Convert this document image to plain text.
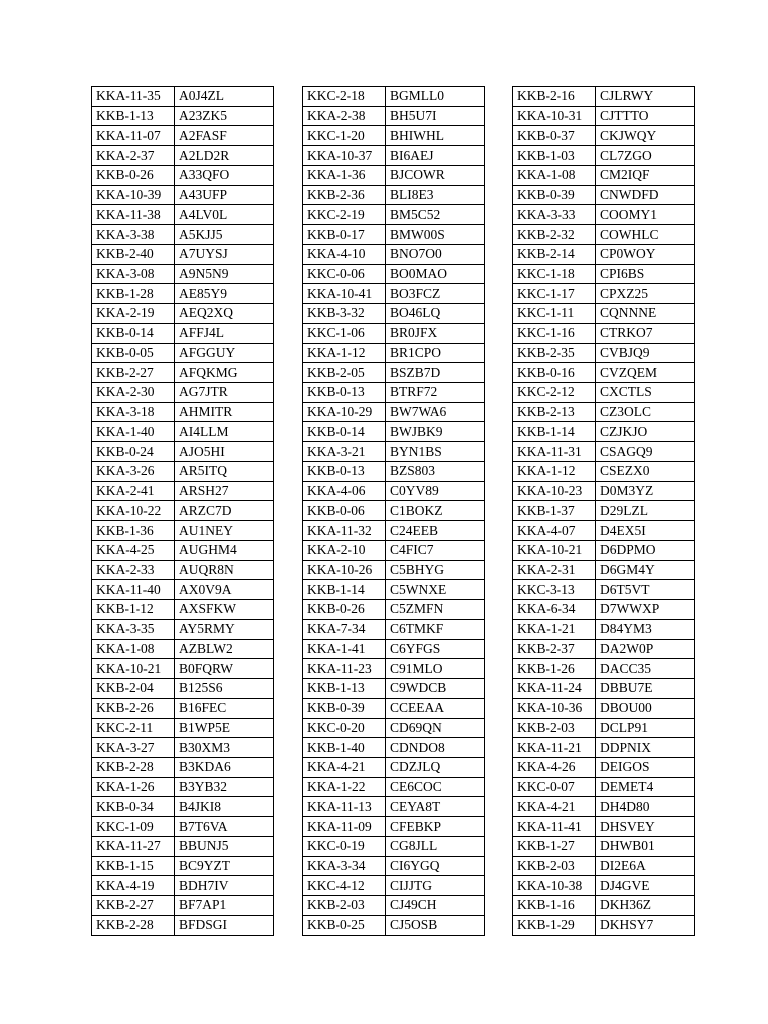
KKA-11-35	A0J4ZL
KKB-1-13	A23ZK5
KKA-11-07	A2FASF
KKA-2-37	A2LD2R
KKB-0-26	A33QFO
KKA-10-39	A43UFP
KKA-11-38	A4LV0L
KKA-3-38	A5KJJ5
KKB-2-40	A7UYSJ
KKA-3-08	A9N5N9
KKB-1-28	AE85Y9
KKA-2-19	AEQ2XQ
KKB-0-14	AFFJ4L
KKB-0-05	AFGGUY
KKB-2-27	AFQKMG
KKA-2-30	AG7JTR
KKA-3-18	AHMITR
KKA-1-40	AI4LLM
KKB-0-24	AJO5HI
KKA-3-26	AR5ITQ
KKA-2-41	ARSH27
KKA-10-22	ARZC7D
KKB-1-36	AU1NEY
KKA-4-25	AUGHM4
KKA-2-33	AUQR8N
KKA-11-40	AX0V9A
KKB-1-12	AXSFKW
KKA-3-35	AY5RMY
KKA-1-08	AZBLW2
KKA-10-21	B0FQRW
KKB-2-04	B125S6
KKB-2-26	B16FEC
KKC-2-11	B1WP5E
KKA-3-27	B30XM3
KKB-2-28	B3KDA6
KKA-1-26	B3YB32
KKB-0-34	B4JKI8
KKC-1-09	B7T6VA
KKA-11-27	BBUNJ5
KKB-1-15	BC9YZT
KKA-4-19	BDH7IV
KKB-2-27	BF7AP1
KKB-2-28	BFDSGI
KKC-2-18	BGMLL0
KKA-2-38	BH5U7I
KKC-1-20	BHIWHL
KKA-10-37	BI6AEJ
KKA-1-36	BJCOWR
KKB-2-36	BLI8E3
KKC-2-19	BM5C52
KKB-0-17	BMW00S
KKA-4-10	BNO7O0
KKC-0-06	BO0MAO
KKA-10-41	BO3FCZ
KKB-3-32	BO46LQ
KKC-1-06	BR0JFX
KKA-1-12	BR1CPO
KKB-2-05	BSZB7D
KKB-0-13	BTRF72
KKA-10-29	BW7WA6
KKB-0-14	BWJBK9
KKA-3-21	BYN1BS
KKB-0-13	BZS803
KKA-4-06	C0YV89
KKB-0-06	C1BOKZ
KKA-11-32	C24EEB
KKA-2-10	C4FIC7
KKA-10-26	C5BHYG
KKB-1-14	C5WNXE
KKB-0-26	C5ZMFN
KKA-7-34	C6TMKF
KKA-1-41	C6YFGS
KKA-11-23	C91MLO
KKB-1-13	C9WDCB
KKB-0-39	CCEEAA
KKC-0-20	CD69QN
KKB-1-40	CDNDO8
KKA-4-21	CDZJLQ
KKA-1-22	CE6COC
KKA-11-13	CEYA8T
KKA-11-09	CFEBKP
KKC-0-19	CG8JLL
KKA-3-34	CI6YGQ
KKC-4-12	CIJJTG
KKB-2-03	CJ49CH
KKB-0-25	CJ5OSB
KKB-2-16	CJLRWY
KKA-10-31	CJTTTO
KKB-0-37	CKJWQY
KKB-1-03	CL7ZGO
KKA-1-08	CM2IQF
KKB-0-39	CNWDFD
KKA-3-33	COOMY1
KKB-2-32	COWHLC
KKB-2-14	CP0WOY
KKC-1-18	CPI6BS
KKC-1-17	CPXZ25
KKC-1-11	CQNNNE
KKC-1-16	CTRKO7
KKB-2-35	CVBJQ9
KKB-0-16	CVZQEM
KKC-2-12	CXCTLS
KKB-2-13	CZ3OLC
KKB-1-14	CZJKJO
KKA-11-31	CSAGQ9
KKA-1-12	CSEZX0
KKA-10-23	D0M3YZ
KKB-1-37	D29LZL
KKA-4-07	D4EX5I
KKA-10-21	D6DPMO
KKA-2-31	D6GM4Y
KKC-3-13	D6T5VT
KKA-6-34	D7WWXP
KKA-1-21	D84YM3
KKB-2-37	DA2W0P
KKB-1-26	DACC35
KKA-11-24	DBBU7E
KKA-10-36	DBOU00
KKB-2-03	DCLP91
KKA-11-21	DDPNIX
KKA-4-26	DEIGOS
KKC-0-07	DEMET4
KKA-4-21	DH4D80
KKA-11-41	DHSVEY
KKB-1-27	DHWB01
KKB-2-03	DI2E6A
KKA-10-38	DJ4GVE
KKB-1-16	DKH36Z
KKB-1-29	DKHSY7
